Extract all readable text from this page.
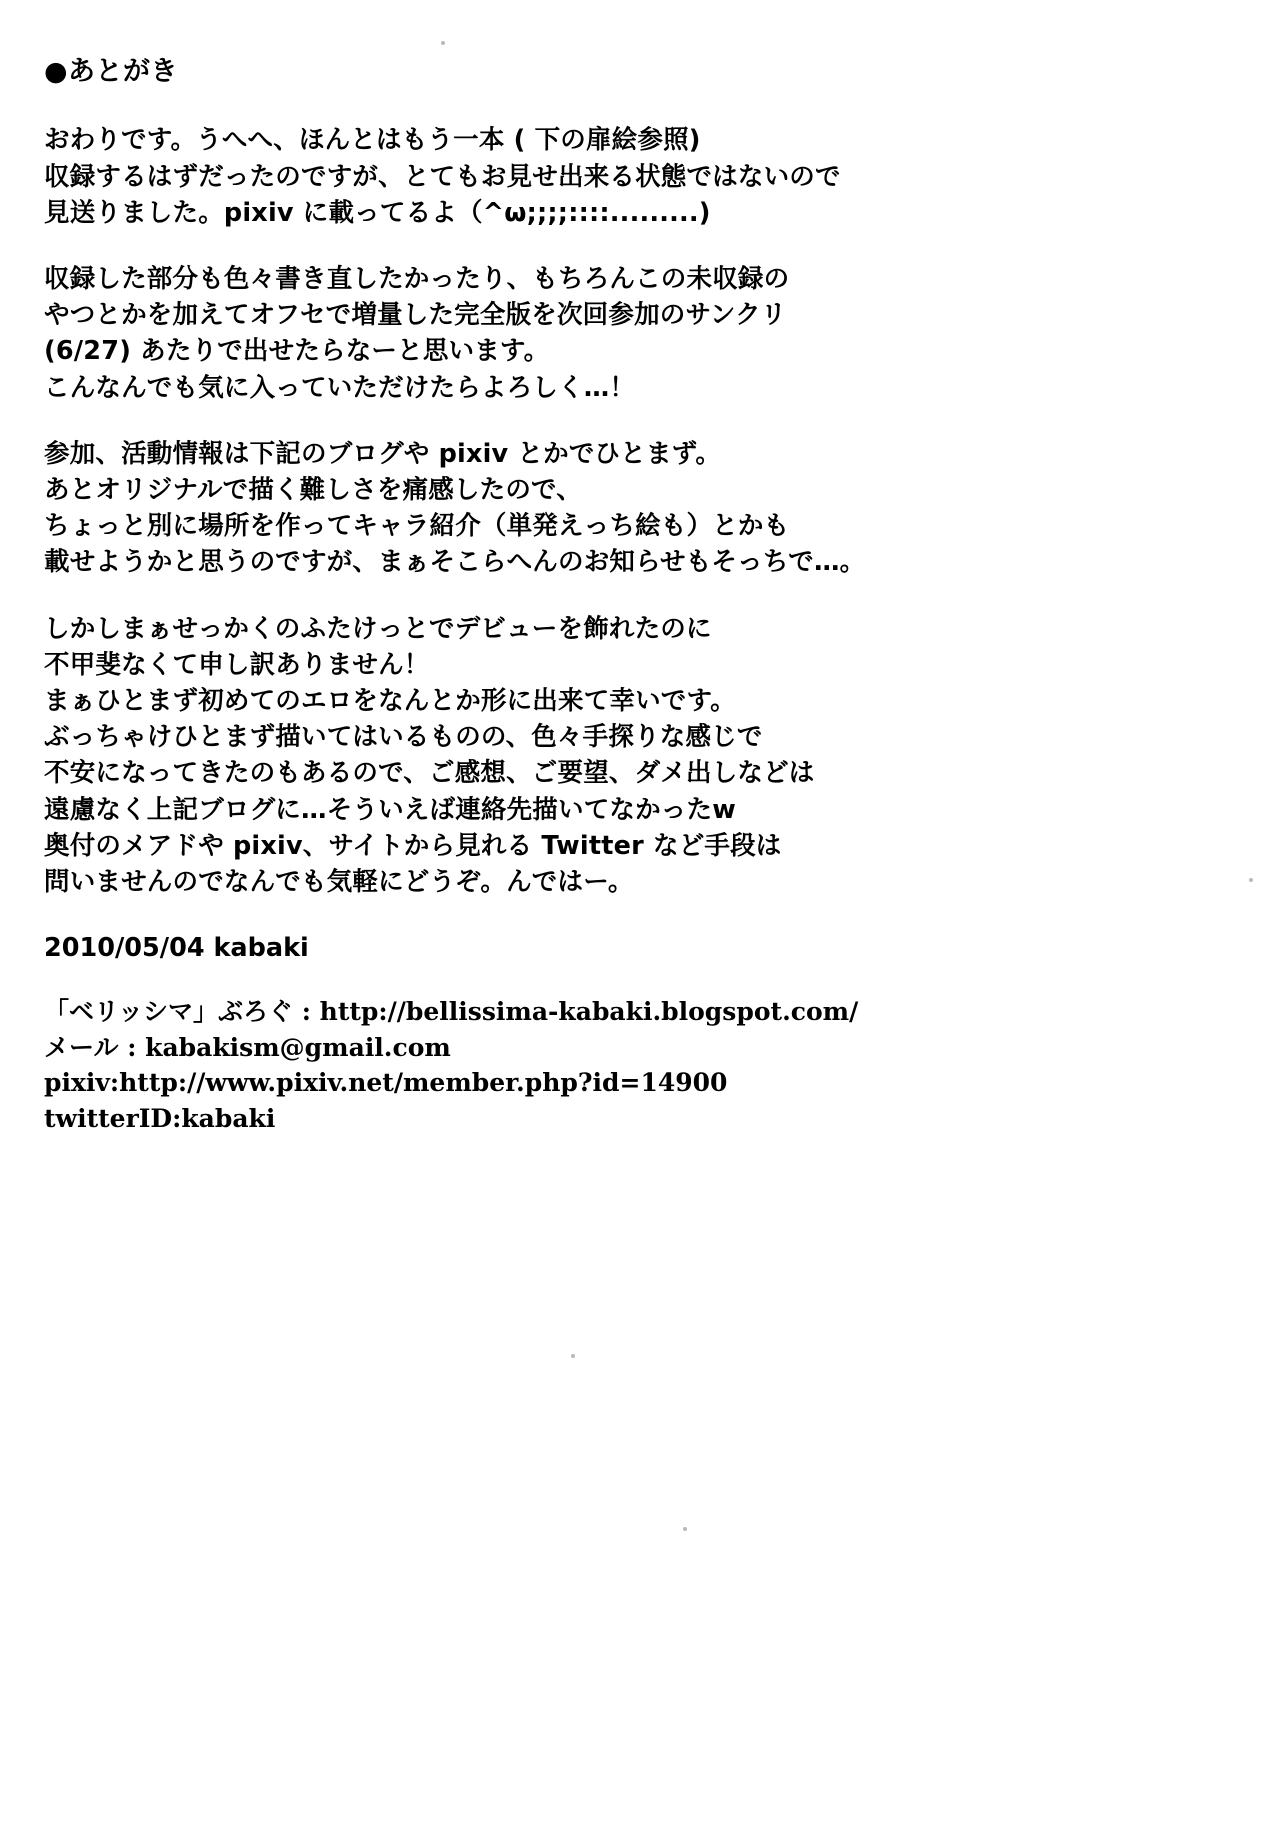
●あとがき

おわりです。うへへ、ほんとはもう一本 ( 下の扉絵参照)
収録するはずだったのですが、とてもお見せ出来る状態ではないので
見送りました。pixiv に載ってるよ（^ω;;;;::::.........)

収録した部分も色々書き直したかったり、もちろんこの未収録の
やつとかを加えてオフセで増量した完全版を次回参加のサンクリ
(6/27) あたりで出せたらなーと思います。
こんなんでも気に入っていただけたらよろしく…！

参加、活動情報は下記のブログや pixiv とかでひとまず。
あとオリジナルで描く難しさを痛感したので、
ちょっと別に場所を作ってキャラ紹介（単発えっち絵も）とかも
載せようかと思うのですが、まぁそこらへんのお知らせもそっちで…。

しかしまぁせっかくのふたけっとでデビューを飾れたのに
不甲斐なくて申し訳ありません！
まぁひとまず初めてのエロをなんとか形に出来て幸いです。
ぶっちゃけひとまず描いてはいるものの、色々手探りな感じで
不安になってきたのもあるので、ご感想、ご要望、ダメ出しなどは
遠慮なく上記ブログに…そういえば連絡先描いてなかったw
奥付のメアドや pixiv、サイトから見れる Twitter など手段は
問いませんのでなんでも気軽にどうぞ。んではー。

2010/05/04 kabaki

「ベリッシマ」ぶろぐ : http://bellissima-kabaki.blogspot.com/
メール : kabakism@gmail.com
pixiv:http://www.pixiv.net/member.php?id=14900
twitterID:kabaki
